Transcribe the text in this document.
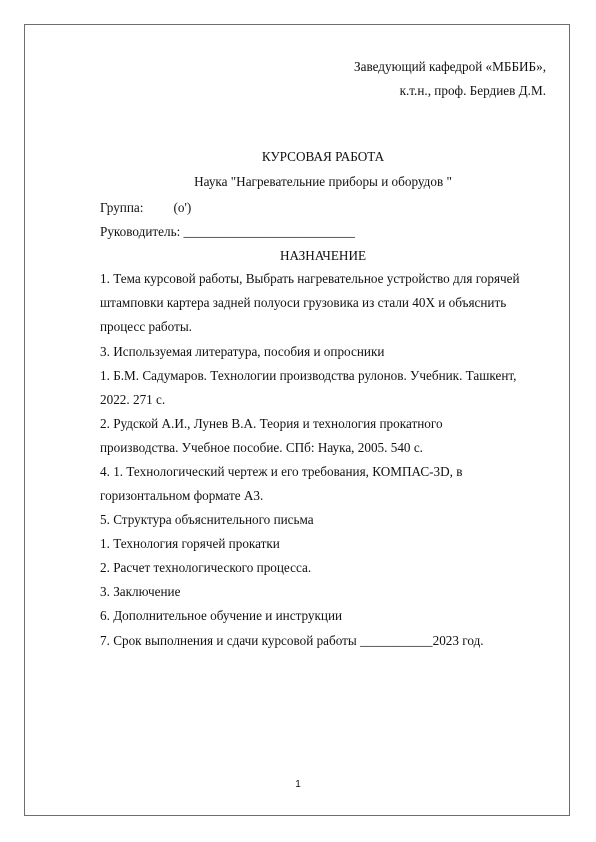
Заведующий кафедрой «МББИБ»,
к.т.н., проф. Бердиев Д.М.
КУРСОВАЯ РАБОТА
Наука "Нагревательние приборы и оборудов "
Группа: (о')
Руководитель: __________________________
НАЗНАЧЕНИЕ
1. Тема курсовой работы, Выбрать нагревательное устройство для горячей
штамповки картера задней полуоси грузовика из стали 40Х и объяснить
процесс работы.
3. Используемая литература, пособия и опросники
1. Б.М. Садумаров. Технологии производства рулонов. Учебник. Ташкент,
2022. 271 с.
2. Рудской А.И., Лунев В.А. Теория и технология прокатного
производства. Учебное пособие. СПб: Наука, 2005. 540 с.
4. 1. Технологический чертеж и его требования, КОМПАС-3D, в
горизонтальном формате А3.
5. Структура объяснительного письма
1. Технология горячей прокатки
2. Расчет технологического процесса.
3. Заключение
6. Дополнительное обучение и инструкции
7. Срок выполнения и сдачи курсовой работы ___________2023 год.
1
